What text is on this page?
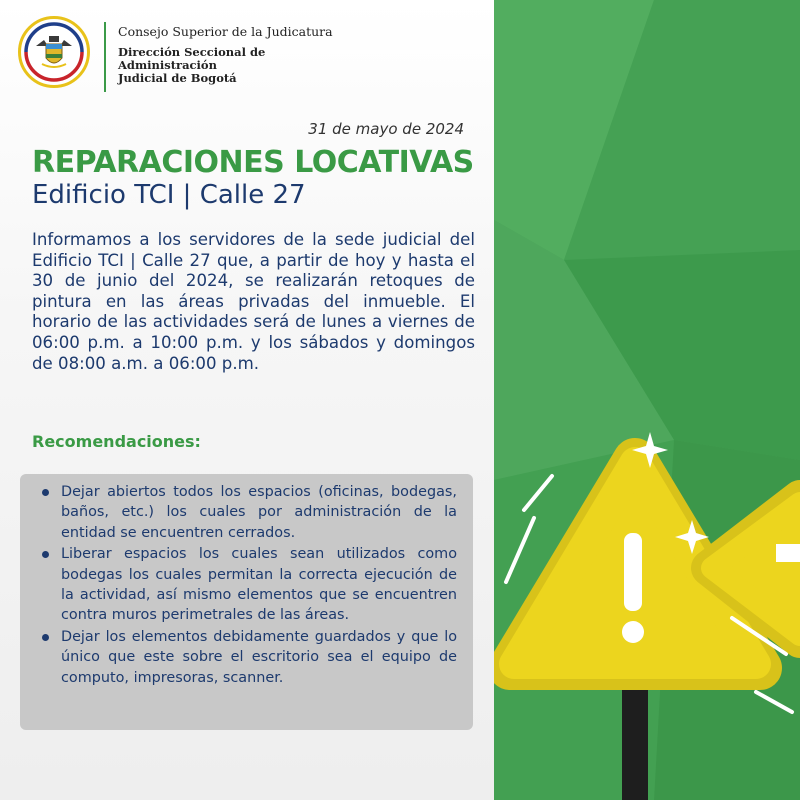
Consejo Superior de la Judicatura
Dirección Seccional de Administración Judicial de Bogotá
31 de mayo de 2024
REPARACIONES LOCATIVAS
Edificio TCI | Calle 27
Informamos a los servidores de la sede judicial del Edificio TCI | Calle 27 que, a partir de hoy y hasta el 30 de junio del 2024, se realizarán retoques de pintura en las áreas privadas del inmueble. El horario de las actividades será de lunes a viernes de 06:00 p.m. a 10:00 p.m. y los sábados y domingos de 08:00 a.m. a 06:00 p.m.
Recomendaciones:
Dejar abiertos todos los espacios (oficinas, bodegas, baños, etc.) los cuales por administración de la entidad se encuentren cerrados.
Liberar espacios los cuales sean utilizados como bodegas los cuales permitan la correcta ejecución de la actividad, así mismo elementos que se encuentren contra muros perimetrales de las áreas.
Dejar los elementos debidamente guardados y que lo único que este sobre el escritorio sea el equipo de computo, impresoras, scanner.
